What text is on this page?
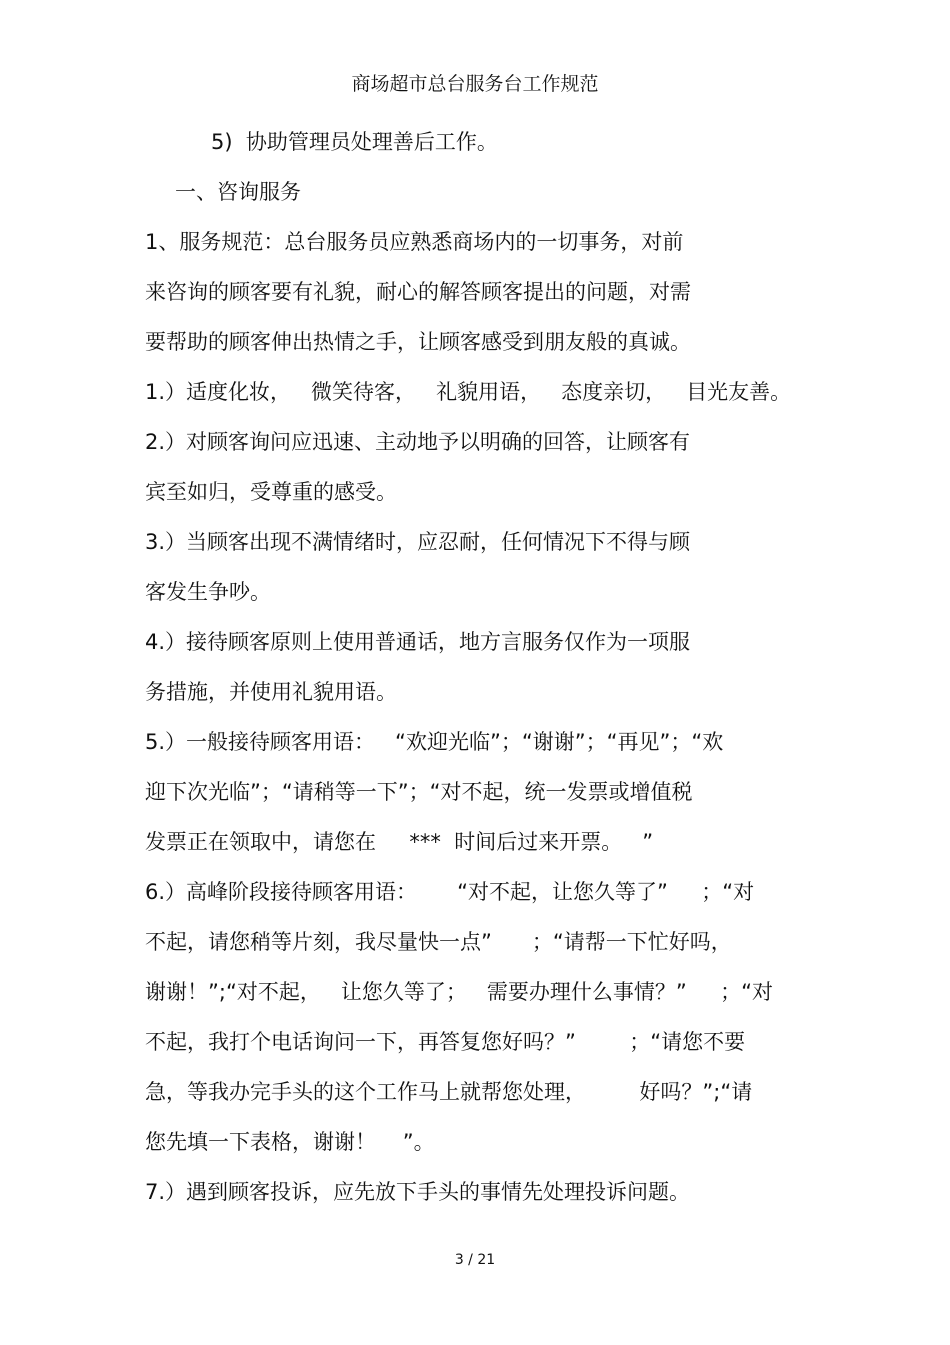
商场超市总台服务台工作规范
5)  协助管理员处理善后工作。
一、咨询服务
1、服务规范：总台服务员应熟悉商场内的一切事务，对前
来咨询的顾客要有礼貌，耐心的解答顾客提出的问题，对需
要帮助的顾客伸出热情之手，让顾客感受到朋友般的真诚。
1.）适度化妆，   微笑待客，   礼貌用语，   态度亲切，   目光友善。
2.）对顾客询问应迅速、主动地予以明确的回答，让顾客有
宾至如归，受尊重的感受。
3.）当顾客出现不满情绪时，应忍耐，任何情况下不得与顾
客发生争吵。
4.）接待顾客原则上使用普通话，地方言服务仅作为一项服
务措施，并使用礼貌用语。
5.）一般接待顾客用语：   “欢迎光临”；“谢谢”；“再见”；“欢
迎下次光临”；“请稍等一下”；“对不起，统一发票或增值税
发票正在领取中，请您在     ***  时间后过来开票。   ”
6.）高峰阶段接待顾客用语：      “对不起，让您久等了”     ；“对
不起，请您稍等片刻，我尽量快一点”      ；“请帮一下忙好吗，
谢谢！”;“对不起，   让您久等了；   需要办理什么事情？”     ；“对
不起，我打个电话询问一下，再答复您好吗？”        ；“请您不要
急，等我办完手头的这个工作马上就帮您处理，        好吗？”;“请
您先填一下表格，谢谢！    ”。
7.）遇到顾客投诉，应先放下手头的事情先处理投诉问题。
3 / 21
